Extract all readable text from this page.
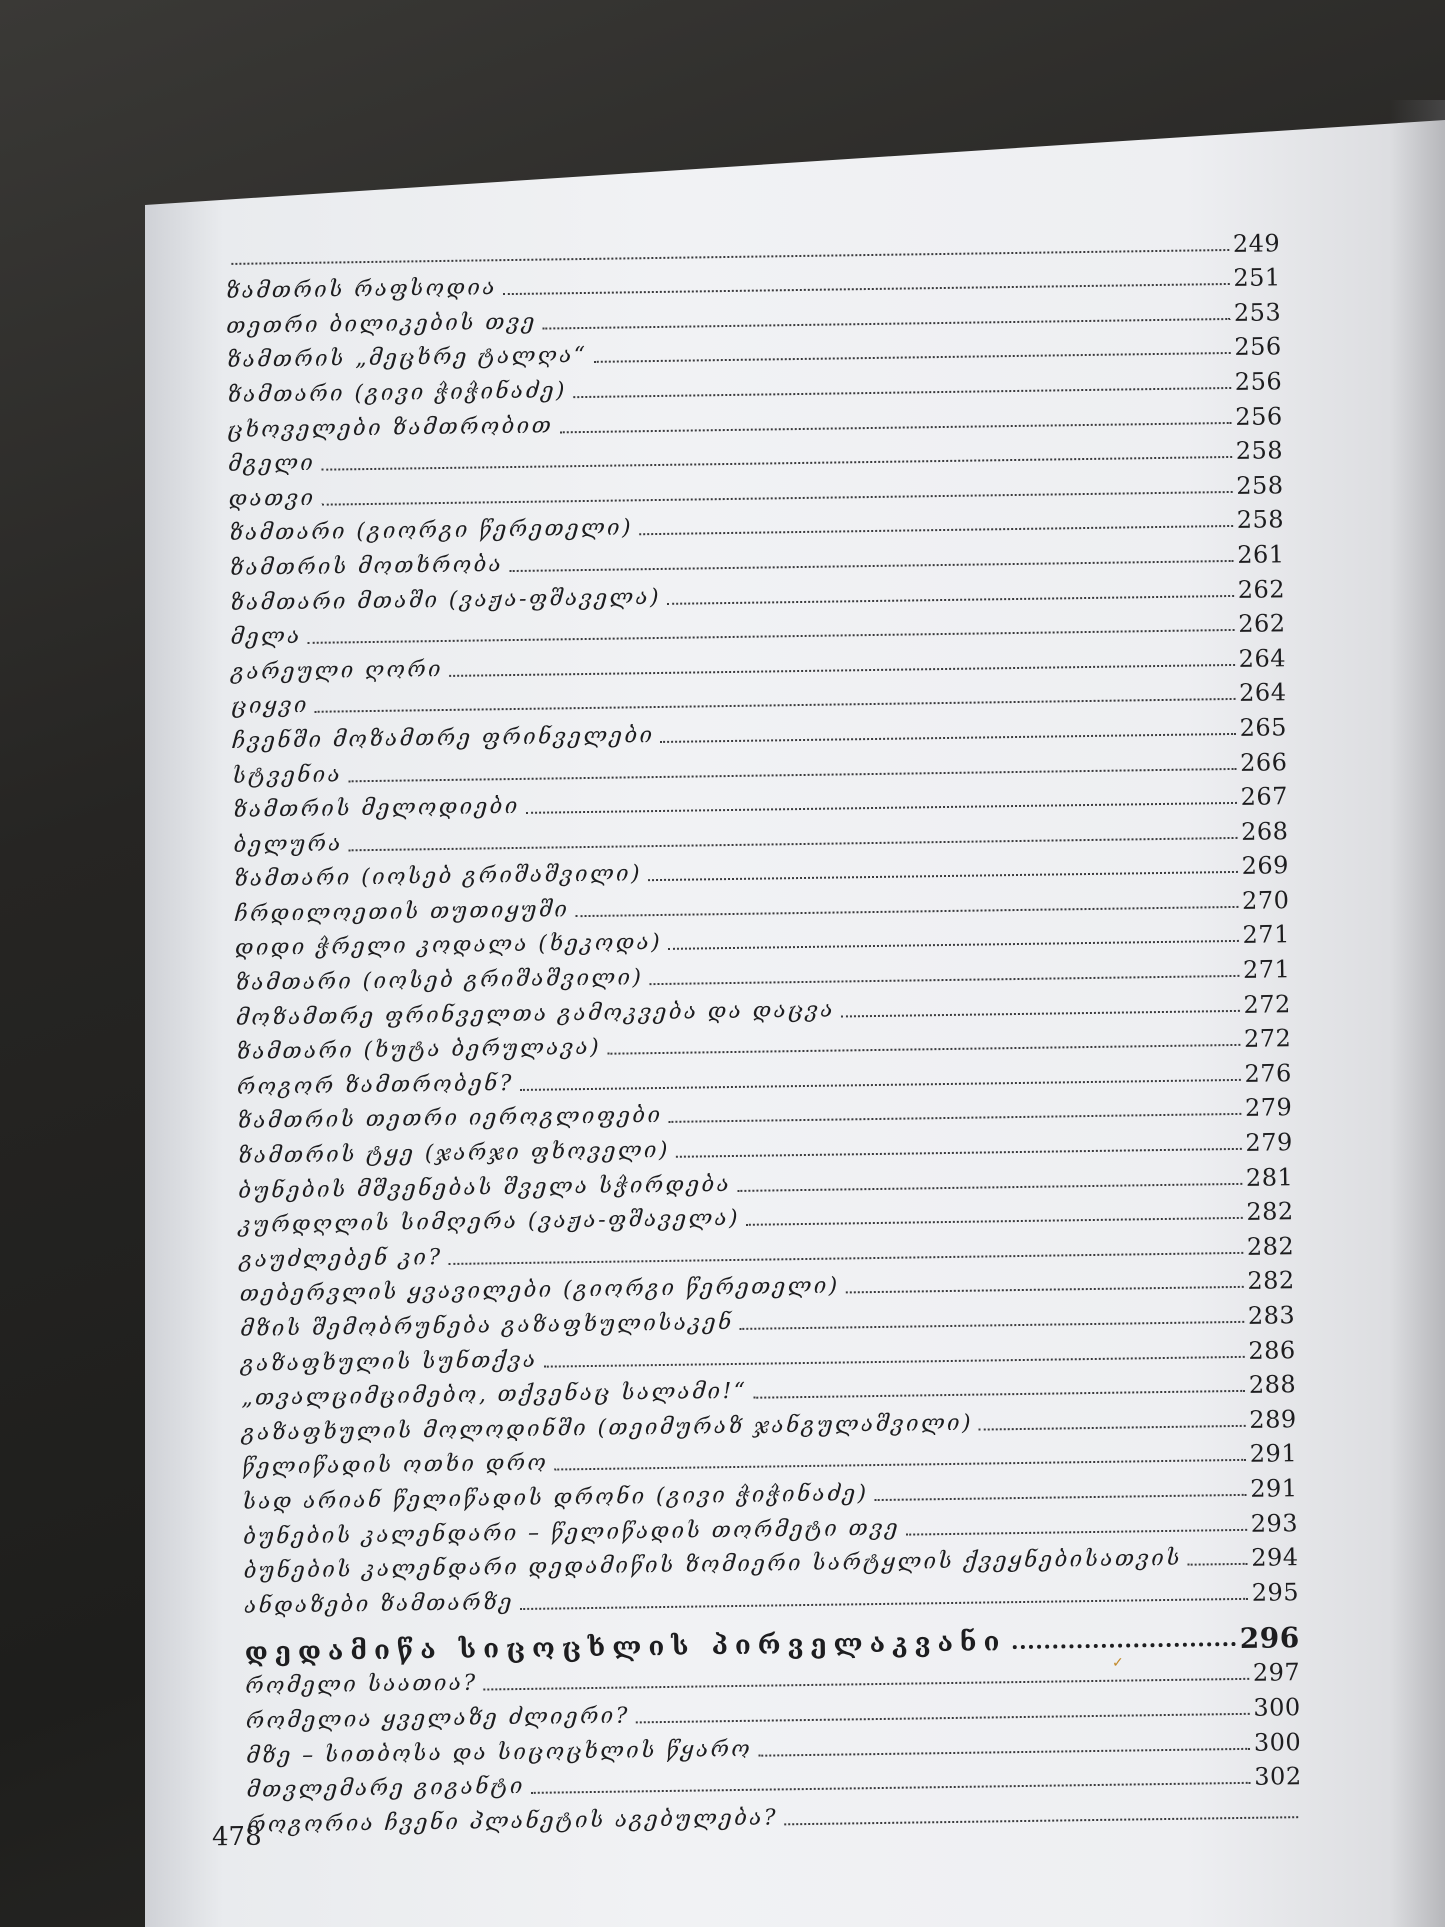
249
ზამთრის რაფსოდია	251
თეთრი ბილიკების თვე	253
ზამთრის „მეცხრე ტალღა“	256
ზამთარი (გივი ჭიჭინაძე)	256
ცხოველები ზამთრობით	256
მგელი	258
დათვი	258
ზამთარი (გიორგი წერეთელი)	258
ზამთრის მოთხრობა	261
ზამთარი მთაში (ვაჟა-ფშაველა)	262
მელა	262
გარეული ღორი	264
ციყვი	264
ჩვენში მოზამთრე ფრინველები	265
სტვენია	266
ზამთრის მელოდიები	267
ბელურა	268
ზამთარი (იოსებ გრიშაშვილი)	269
ჩრდილოეთის თუთიყუში	270
დიდი ჭრელი კოდალა (ხეკოდა)	271
ზამთარი (იოსებ გრიშაშვილი)	271
მოზამთრე ფრინველთა გამოკვება და დაცვა	272
ზამთარი (ხუტა ბერულავა)	272
როგორ ზამთრობენ?	276
ზამთრის თეთრი იეროგლიფები	279
ზამთრის ტყე (ჯარჯი ფხოველი)	279
ბუნების მშვენებას შველა სჭირდება	281
კურდღლის სიმღერა (ვაჟა-ფშაველა)	282
გაუძლებენ კი?	282
თებერვლის ყვავილები (გიორგი წერეთელი)	282
მზის შემობრუნება გაზაფხულისაკენ	283
გაზაფხულის სუნთქვა	286
„თვალციმციმებო, თქვენაც სალამი!“	288
გაზაფხულის მოლოდინში (თეიმურაზ ჯანგულაშვილი)	289
წელიწადის ოთხი დრო	291
სად არიან წელიწადის დრონი (გივი ჭიჭინაძე)	291
ბუნების კალენდარი – წელიწადის თორმეტი თვე	293
ბუნების კალენდარი დედამიწის ზომიერი სარტყლის ქვეყნებისათვის	294
ანდაზები ზამთარზე	295
დედამიწა სიცოცხლის პირველაკვანი	296
რომელი საათია?	297
რომელია ყველაზე ძლიერი?	300
მზე – სითბოსა და სიცოცხლის წყარო	300
მთვლემარე გიგანტი	302
როგორია ჩვენი პლანეტის აგებულება?
478
✓
